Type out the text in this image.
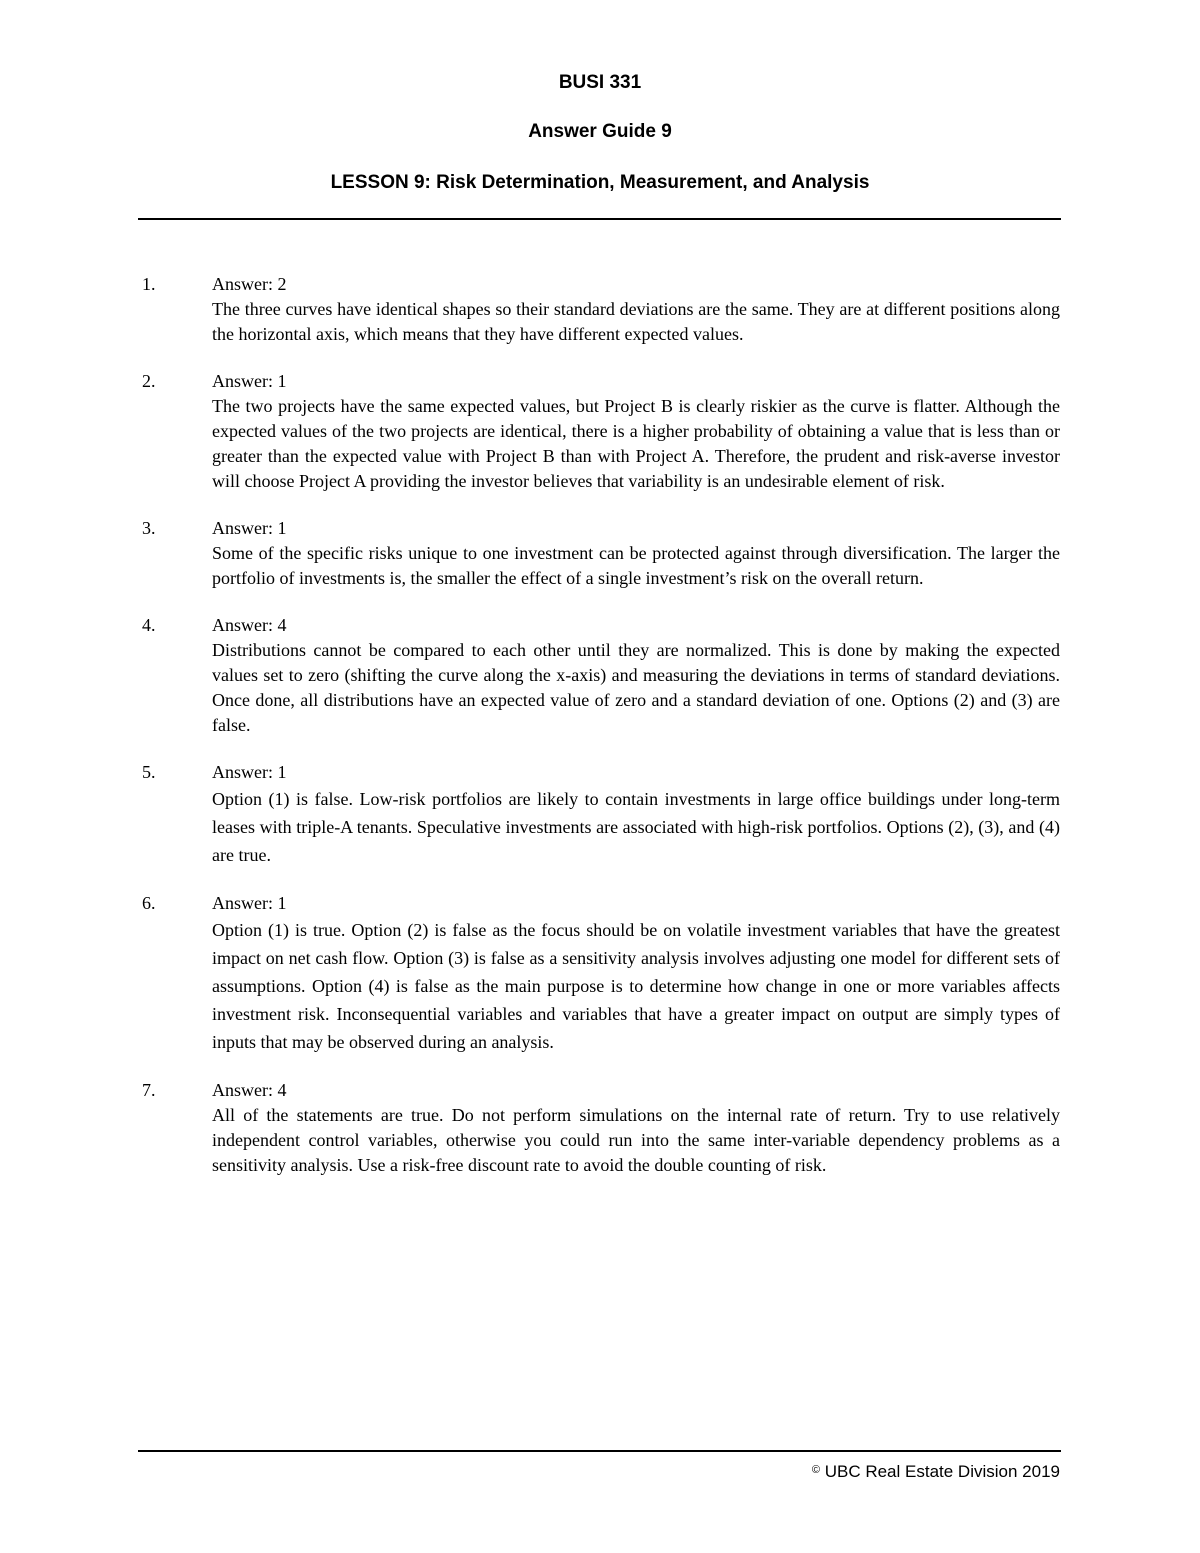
BUSI 331
Answer Guide 9
LESSON 9: Risk Determination, Measurement, and Analysis
1.	Answer: 2
The three curves have identical shapes so their standard deviations are the same. They are at different positions along the horizontal axis, which means that they have different expected values.
2.	Answer: 1
The two projects have the same expected values, but Project B is clearly riskier as the curve is flatter. Although the expected values of the two projects are identical, there is a higher probability of obtaining a value that is less than or greater than the expected value with Project B than with Project A. Therefore, the prudent and risk-averse investor will choose Project A providing the investor believes that variability is an undesirable element of risk.
3.	Answer: 1
Some of the specific risks unique to one investment can be protected against through diversification. The larger the portfolio of investments is, the smaller the effect of a single investment’s risk on the overall return.
4.	Answer: 4
Distributions cannot be compared to each other until they are normalized. This is done by making the expected values set to zero (shifting the curve along the x-axis) and measuring the deviations in terms of standard deviations. Once done, all distributions have an expected value of zero and a standard deviation of one. Options (2) and (3) are false.
5.	Answer: 1
Option (1) is false. Low-risk portfolios are likely to contain investments in large office buildings under long-term leases with triple-A tenants. Speculative investments are associated with high-risk portfolios. Options (2), (3), and (4) are true.
6.	Answer: 1
Option (1) is true. Option (2) is false as the focus should be on volatile investment variables that have the greatest impact on net cash flow. Option (3) is false as a sensitivity analysis involves adjusting one model for different sets of assumptions. Option (4) is false as the main purpose is to determine how change in one or more variables affects investment risk. Inconsequential variables and variables that have a greater impact on output are simply types of inputs that may be observed during an analysis.
7.	Answer: 4
All of the statements are true. Do not perform simulations on the internal rate of return. Try to use relatively independent control variables, otherwise you could run into the same inter-variable dependency problems as a sensitivity analysis. Use a risk-free discount rate to avoid the double counting of risk.
© UBC Real Estate Division 2019
